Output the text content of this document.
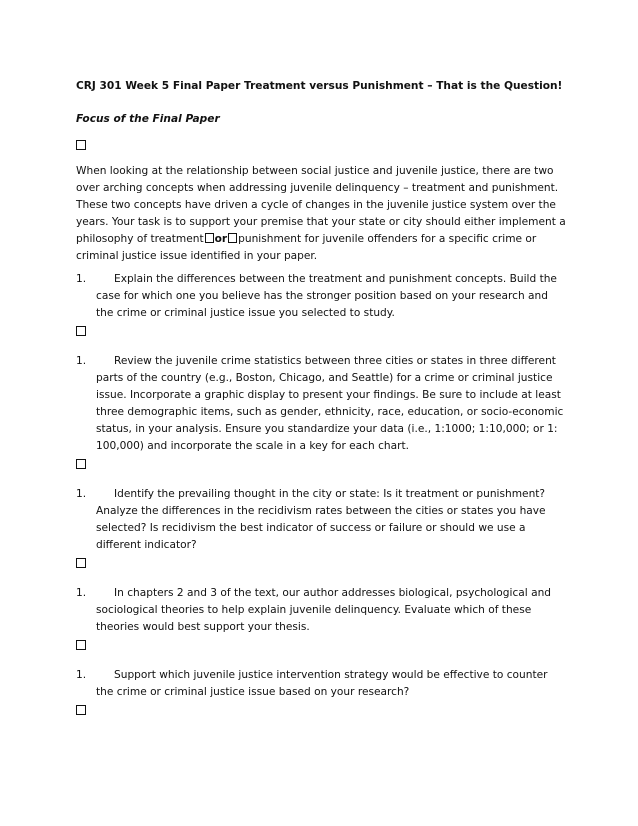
CRJ 301 Week 5 Final Paper Treatment versus Punishment – That is the Question!

Focus of the Final Paper

When looking at the relationship between social justice and juvenile justice, there are two over arching concepts when addressing juvenile delinquency – treatment and punishment. These two concepts have driven a cycle of changes in the juvenile justice system over the years. Your task is to support your premise that your state or city should either implement a philosophy of treatment or punishment for juvenile offenders for a specific crime or criminal justice issue identified in your paper.

1.	Explain the differences between the treatment and punishment concepts. Build the case for which one you believe has the stronger position based on your research and the crime or criminal justice issue you selected to study.

1.	Review the juvenile crime statistics between three cities or states in three different parts of the country (e.g., Boston, Chicago, and Seattle) for a crime or criminal justice issue. Incorporate a graphic display to present your findings. Be sure to include at least three demographic items, such as gender, ethnicity, race, education, or socio-economic status, in your analysis. Ensure you standardize your data (i.e., 1:1000; 1:10,000; or 1: 100,000) and incorporate the scale in a key for each chart.

1.	Identify the prevailing thought in the city or state: Is it treatment or punishment? Analyze the differences in the recidivism rates between the cities or states you have selected? Is recidivism the best indicator of success or failure or should we use a different indicator?

1.	In chapters 2 and 3 of the text, our author addresses biological, psychological and sociological theories to help explain juvenile delinquency. Evaluate which of these theories would best support your thesis.

1.	Support which juvenile justice intervention strategy would be effective to counter the crime or criminal justice issue based on your research?
